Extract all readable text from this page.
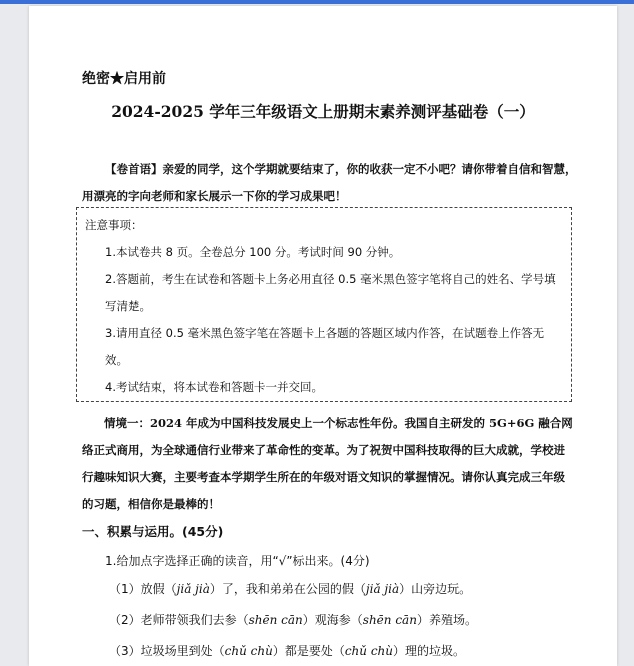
绝密★启用前
2024-2025 学年三年级语文上册期末素养测评基础卷（一）
【卷首语】亲爱的同学，这个学期就要结束了，你的收获一定不小吧？请你带着自信和智慧，用漂亮的字向老师和家长展示一下你的学习成果吧！

注意事项：

1.本试卷共 8 页。全卷总分 100 分。考试时间 90 分钟。

2.答题前，考生在试卷和答题卡上务必用直径 0.5 毫米黑色签字笔将自己的姓名、学号填写清楚。

3.请用直径 0.5 毫米黑色签字笔在答题卡上各题的答题区域内作答，在试题卷上作答无效。

4.考试结束，将本试卷和答题卡一并交回。

情境一：2024 年成为中国科技发展史上一个标志性年份。我国自主研发的 5G+6G 融合网络正式商用，为全球通信行业带来了革命性的变革。为了祝贺中国科技取得的巨大成就，学校进行趣味知识大赛，主要考查本学期学生所在的年级对语文知识的掌握情况。请你认真完成三年级的习题，相信你是最棒的！
一、积累与运用。(45分)
1.给加点字选择正确的读音，用“√”标出来。(4分)
（1）放假（jiǎ jià）了，我和弟弟在公园的假（jiǎ jià）山旁边玩。
（2）老师带领我们去参（shēn cān）观海参（shēn cān）养殖场。
（3）垃圾场里到处（chǔ chù）都是要处（chǔ chù）理的垃圾。
